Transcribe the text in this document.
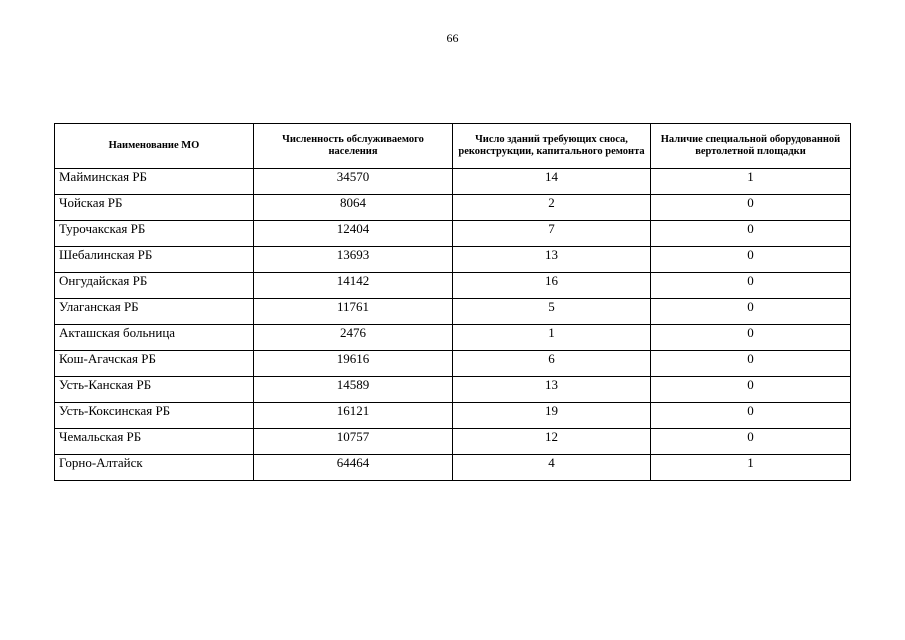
66
Наименование МО	Численность обслуживаемого населения	Число зданий требующих сноса, реконструкции, капитального ремонта	Наличие специальной оборудованной вертолетной площадки
Майминская РБ	34570	14	1
Чойская РБ	8064	2	0
Турочакская РБ	12404	7	0
Шебалинская РБ	13693	13	0
Онгудайская РБ	14142	16	0
Улаганская РБ	11761	5	0
Акташская больница	2476	1	0
Кош-Агачская РБ	19616	6	0
Усть-Канская РБ	14589	13	0
Усть-Коксинская РБ	16121	19	0
Чемальская РБ	10757	12	0
Горно-Алтайск	64464	4	1
